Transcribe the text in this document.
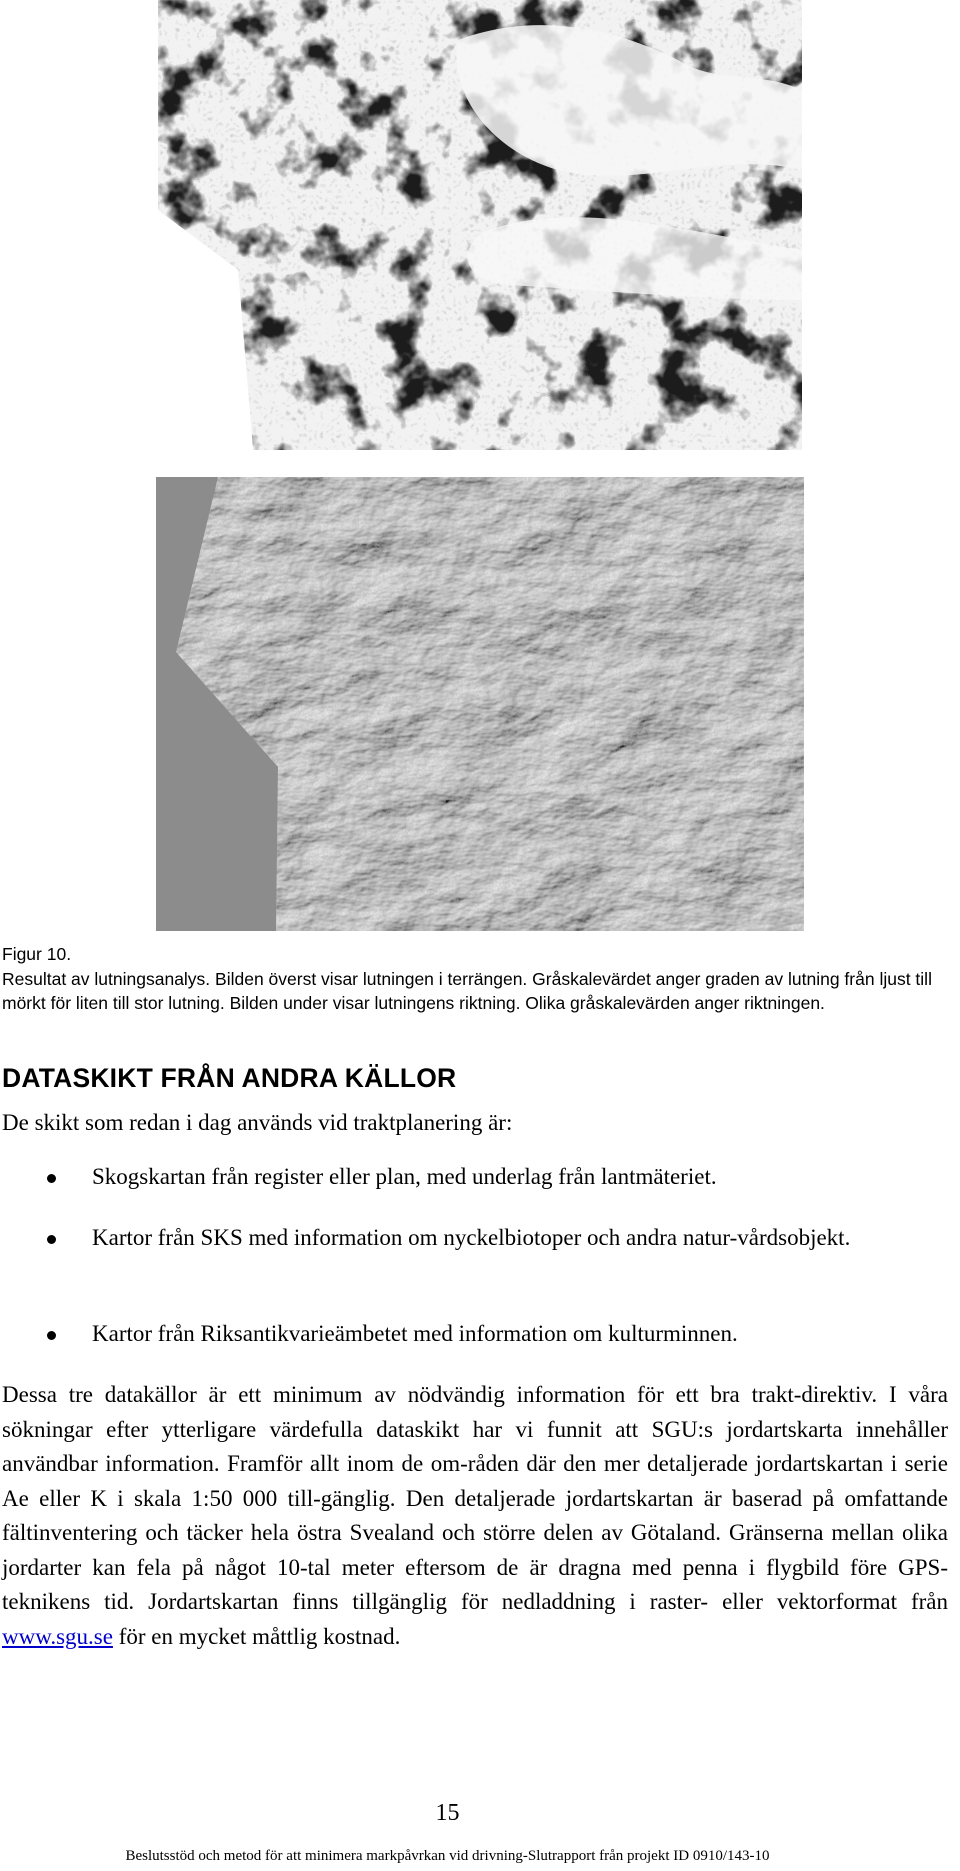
Figur 10.

Resultat av lutningsanalys. Bilden överst visar lutningen i terrängen. Gråskalevärdet anger graden av lutning från ljust till mörkt för liten till stor lutning. Bilden under visar lutningens riktning. Olika gråskalevärden anger riktningen.

DATASKIKT FRÅN ANDRA KÄLLOR

De skikt som redan i dag används vid traktplanering är:

Skogskartan från register eller plan, med underlag från lantmäteriet.
Kartor från SKS med information om nyckelbiotoper och andra natur-vårdsobjekt.
Kartor från Riksantikvarieämbetet med information om kulturminnen.

Dessa tre datakällor är ett minimum av nödvändig information för ett bra trakt-direktiv. I våra sökningar efter ytterligare värdefulla dataskikt har vi funnit att SGU:s jordartskarta innehåller användbar information. Framför allt inom de om-råden där den mer detaljerade jordartskartan i serie Ae eller K i skala 1:50 000 till-gänglig. Den detaljerade jordartskartan är baserad på omfattande fältinventering och täcker hela östra Svealand och större delen av Götaland. Gränserna mellan olika jordarter kan fela på något 10-tal meter eftersom de är dragna med penna i flygbild före GPS-teknikens tid. Jordartskartan finns tillgänglig för nedladdning i raster- eller vektorformat från www.sgu.se för en mycket måttlig kostnad.

15
Beslutsstöd och metod för att minimera markpåvrkan vid drivning-Slutrapport från projekt ID 0910/143-10
